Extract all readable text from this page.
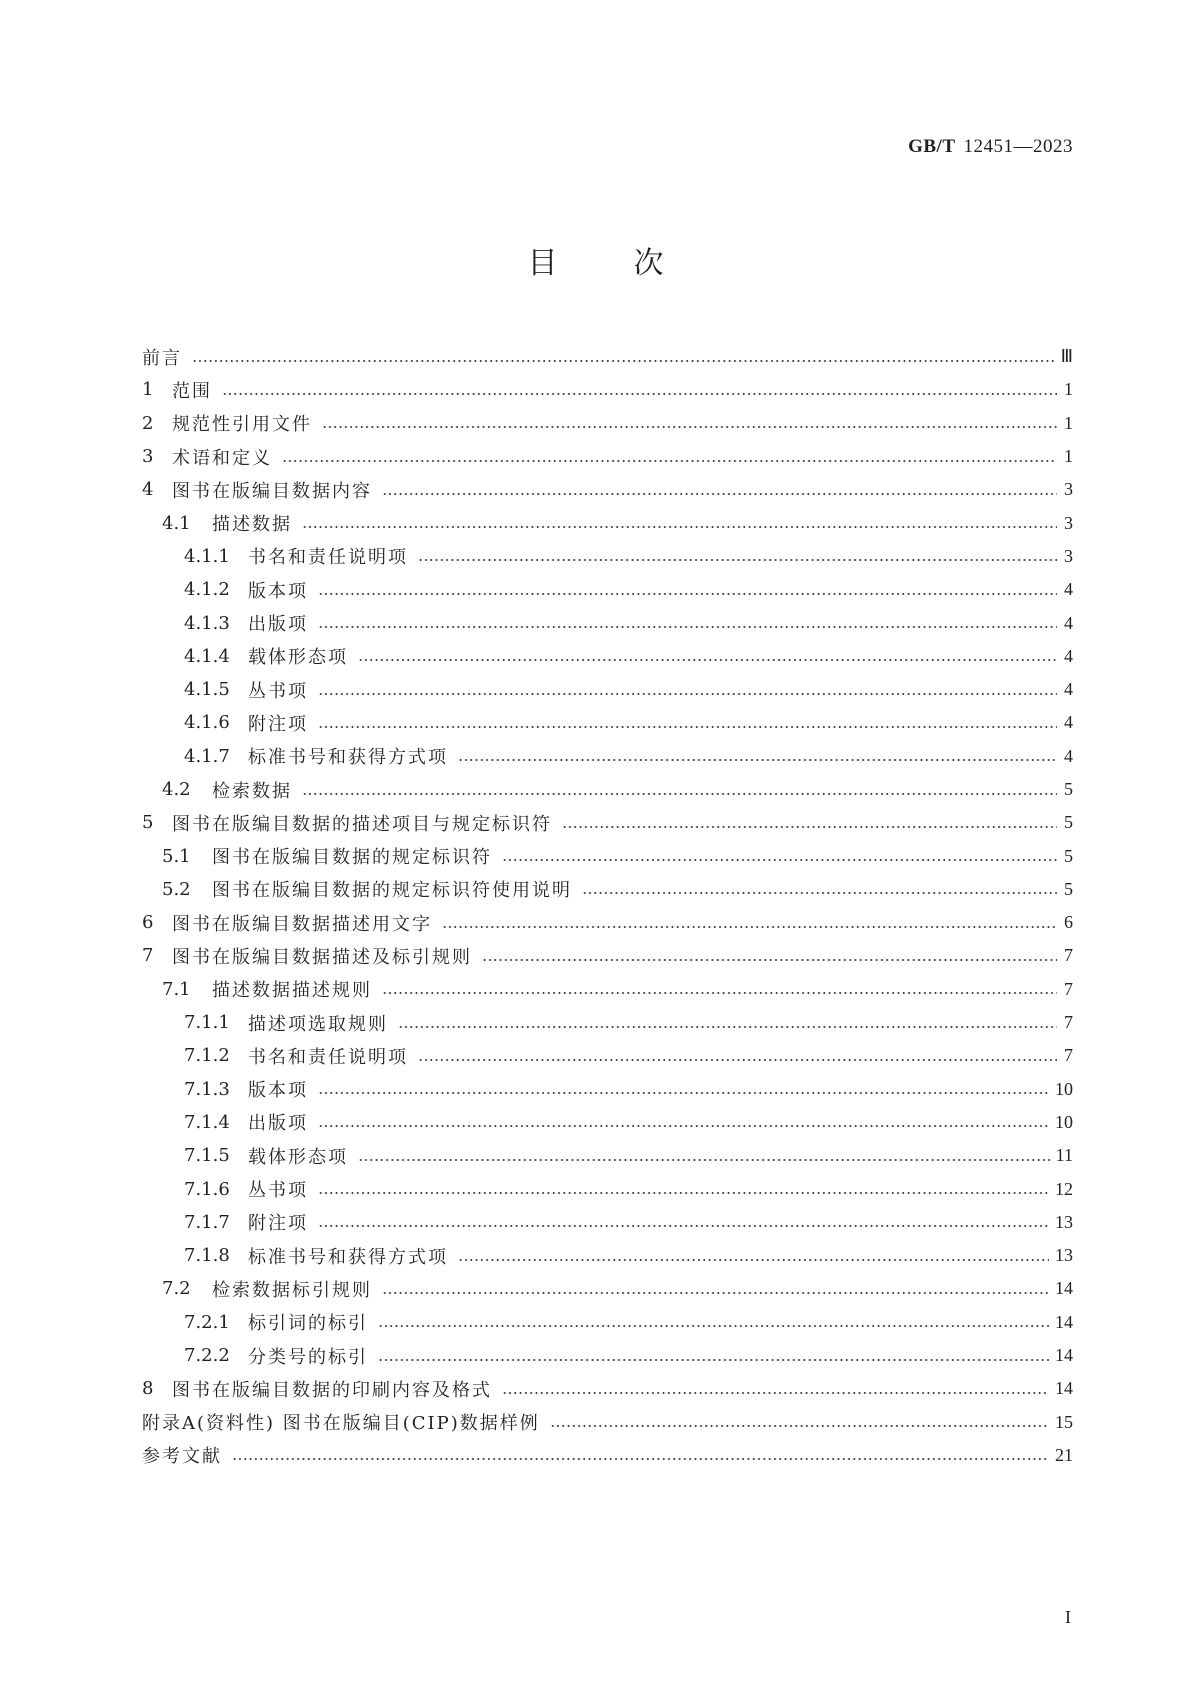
GB/T 12451—2023
目次
前言	Ⅲ
1	范围	1
2	规范性引用文件	1
3	术语和定义	1
4	图书在版编目数据内容	3
4.1	描述数据	3
4.1.1	书名和责任说明项	3
4.1.2	版本项	4
4.1.3	出版项	4
4.1.4	载体形态项	4
4.1.5	丛书项	4
4.1.6	附注项	4
4.1.7	标准书号和获得方式项	4
4.2	检索数据	5
5	图书在版编目数据的描述项目与规定标识符	5
5.1	图书在版编目数据的规定标识符	5
5.2	图书在版编目数据的规定标识符使用说明	5
6	图书在版编目数据描述用文字	6
7	图书在版编目数据描述及标引规则	7
7.1	描述数据描述规则	7
7.1.1	描述项选取规则	7
7.1.2	书名和责任说明项	7
7.1.3	版本项	10
7.1.4	出版项	10
7.1.5	载体形态项	11
7.1.6	丛书项	12
7.1.7	附注项	13
7.1.8	标准书号和获得方式项	13
7.2	检索数据标引规则	14
7.2.1	标引词的标引	14
7.2.2	分类号的标引	14
8	图书在版编目数据的印刷内容及格式	14
附录A(资料性) 图书在版编目(CIP)数据样例	15
参考文献	21
I
